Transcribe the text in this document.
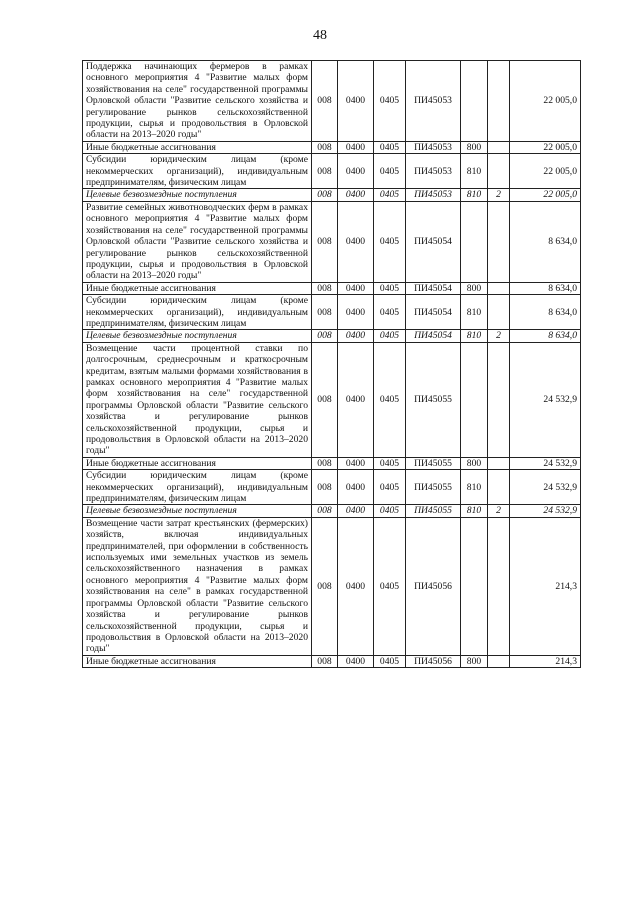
48
Поддержка начинающих фермеров в рамках основного мероприятия 4 "Развитие малых форм хозяйствования на селе" государственной программы Орловской области "Развитие сельского хозяйства и регулирование рынков сельскохозяйственной продукции, сырья и продовольствия в Орловской области на 2013–2020 годы"	008	0400	0405	ПИ45053			22 005,0
Иные бюджетные ассигнования	008	0400	0405	ПИ45053	800		22 005,0
Субсидии юридическим лицам (кроме некоммерческих организаций), индивидуальным предпринимателям, физическим лицам	008	0400	0405	ПИ45053	810		22 005,0
Целевые безвозмездные поступления	008	0400	0405	ПИ45053	810	2	22 005,0
Развитие семейных животноводческих ферм в рамках основного мероприятия 4 "Развитие малых форм хозяйствования на селе" государственной программы Орловской области "Развитие сельского хозяйства и регулирование рынков сельскохозяйственной продукции, сырья и продовольствия в Орловской области на 2013–2020 годы"	008	0400	0405	ПИ45054			8 634,0
Иные бюджетные ассигнования	008	0400	0405	ПИ45054	800		8 634,0
Субсидии юридическим лицам (кроме некоммерческих организаций), индивидуальным предпринимателям, физическим лицам	008	0400	0405	ПИ45054	810		8 634,0
Целевые безвозмездные поступления	008	0400	0405	ПИ45054	810	2	8 634,0
Возмещение части процентной ставки по долгосрочным, среднесрочным и краткосрочным кредитам, взятым малыми формами хозяйствования в рамках основного мероприятия 4 "Развитие малых форм хозяйствования на селе" государственной программы Орловской области "Развитие сельского хозяйства и регулирование рынков сельскохозяйственной продукции, сырья и продовольствия в Орловской области на 2013–2020 годы"	008	0400	0405	ПИ45055			24 532,9
Иные бюджетные ассигнования	008	0400	0405	ПИ45055	800		24 532,9
Субсидии юридическим лицам (кроме некоммерческих организаций), индивидуальным предпринимателям, физическим лицам	008	0400	0405	ПИ45055	810		24 532,9
Целевые безвозмездные поступления	008	0400	0405	ПИ45055	810	2	24 532,9
Возмещение части затрат крестьянских (фермерских) хозяйств, включая индивидуальных предпринимателей, при оформлении в собственность используемых ими земельных участков из земель сельскохозяйственного назначения в рамках основного мероприятия 4 "Развитие малых форм хозяйствования на селе" в рамках государственной программы Орловской области "Развитие сельского хозяйства и регулирование рынков сельскохозяйственной продукции, сырья и продовольствия в Орловской области на 2013–2020 годы"	008	0400	0405	ПИ45056			214,3
Иные бюджетные ассигнования	008	0400	0405	ПИ45056	800		214,3
